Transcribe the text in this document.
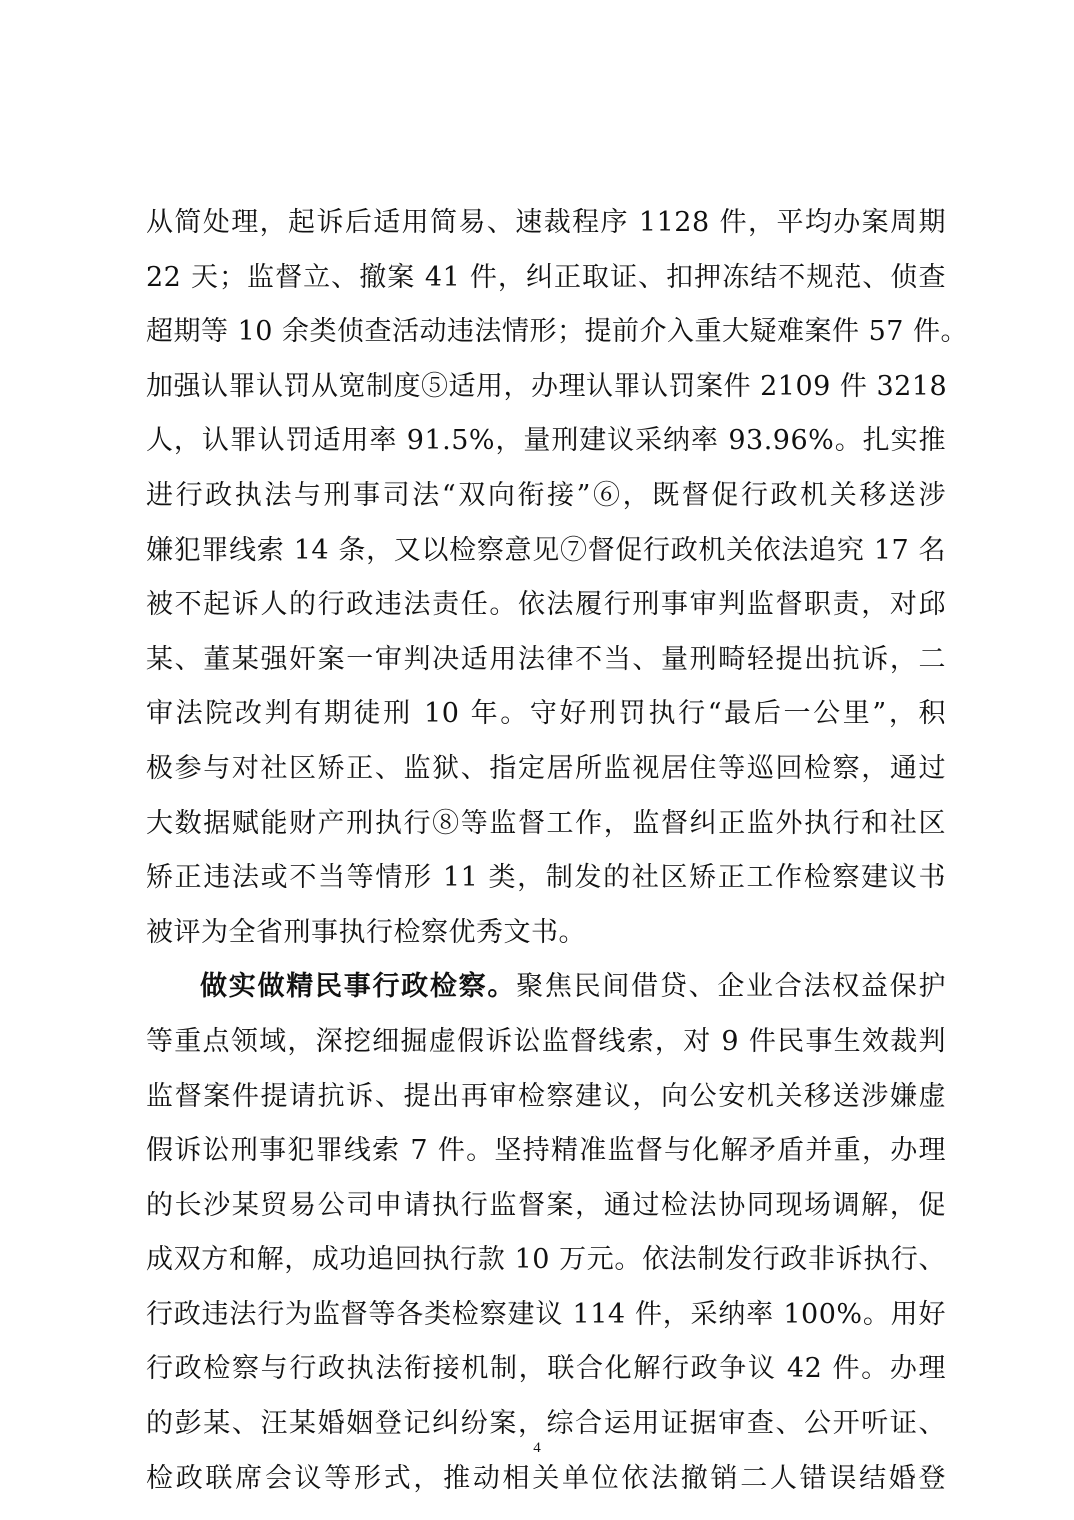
从简处理，起诉后适用简易、速裁程序 1128 件，平均办案周期
22 天；监督立、撤案 41 件，纠正取证、扣押冻结不规范、侦查
超期等 10 余类侦查活动违法情形；提前介入重大疑难案件 57 件。
加强认罪认罚从宽制度⑤适用，办理认罪认罚案件 2109 件 3218
人，认罪认罚适用率 91.5%，量刑建议采纳率 93.96%。扎实推
进行政执法与刑事司法“双向衔接”⑥，既督促行政机关移送涉
嫌犯罪线索 14 条，又以检察意见⑦督促行政机关依法追究 17 名
被不起诉人的行政违法责任。依法履行刑事审判监督职责，对邱
某、董某强奸案一审判决适用法律不当、量刑畸轻提出抗诉，二
审法院改判有期徒刑 10 年。守好刑罚执行“最后一公里”，积
极参与对社区矫正、监狱、指定居所监视居住等巡回检察，通过
大数据赋能财产刑执行⑧等监督工作，监督纠正监外执行和社区
矫正违法或不当等情形 11 类，制发的社区矫正工作检察建议书
被评为全省刑事执行检察优秀文书。
做实做精民事行政检察。聚焦民间借贷、企业合法权益保护
等重点领域，深挖细掘虚假诉讼监督线索，对 9 件民事生效裁判
监督案件提请抗诉、提出再审检察建议，向公安机关移送涉嫌虚
假诉讼刑事犯罪线索 7 件。坚持精准监督与化解矛盾并重，办理
的长沙某贸易公司申请执行监督案，通过检法协同现场调解，促
成双方和解，成功追回执行款 10 万元。依法制发行政非诉执行、
行政违法行为监督等各类检察建议 114 件，采纳率 100%。用好
行政检察与行政执法衔接机制，联合化解行政争议 42 件。办理
的彭某、汪某婚姻登记纠纷案，综合运用证据审查、公开听证、
检政联席会议等形式，推动相关单位依法撤销二人错误结婚登
4
